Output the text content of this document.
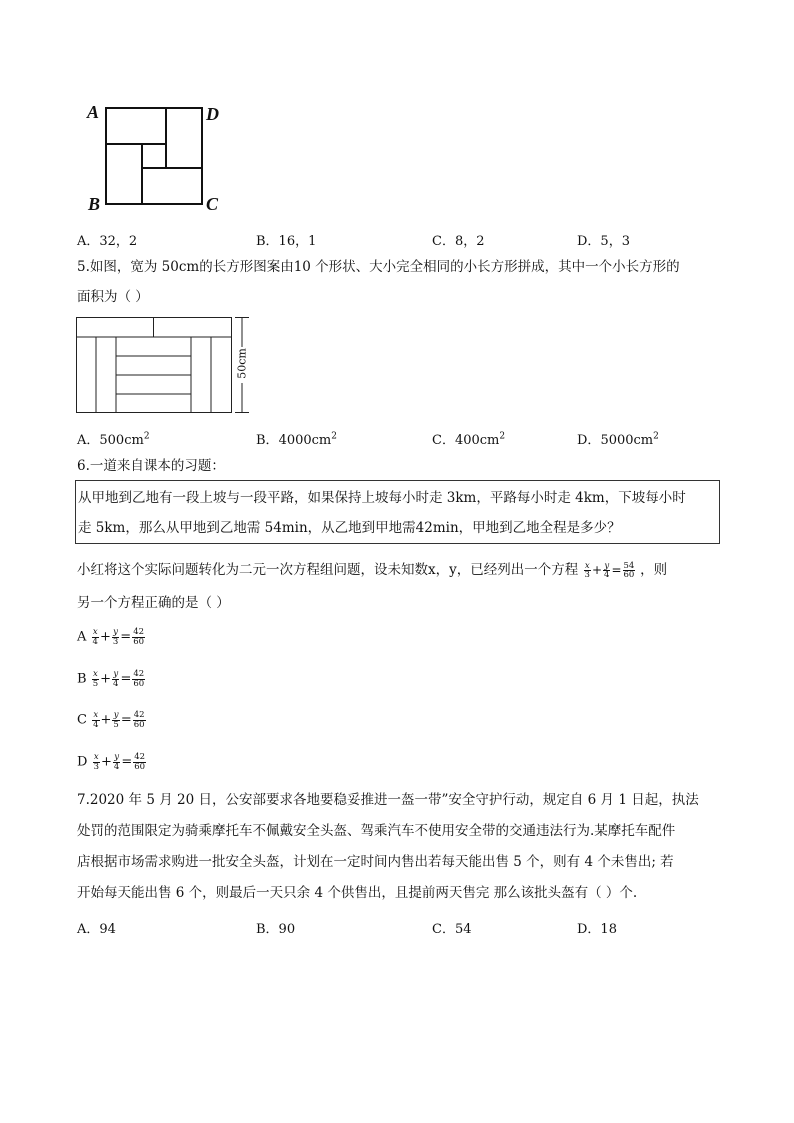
A	D
B	C
A．32，2	B．16，1	C．8，2	D．5，3
5.如图，宽为 50cm的长方形图案由10 个形状、大小完全相同的小长方形拼成，其中一个小长方形的
面积为（ ）
50cm
A．$500cm^2$	B．$4000cm^2$	C．$400cm^2$	D．$5000cm^2$
6.一道来自课本的习题：
从甲地到乙地有一段上坡与一段平路，如果保持上坡每小时走 3km，平路每小时走 4km，下坡每小时
走 5km，那么从甲地到乙地需 54min，从乙地到甲地需42min，甲地到乙地全程是多少？
小红将这个实际问题转化为二元一次方程组问题，设未知数x，y，已经列出一个方程 $\frac{x}{3} + \frac{y}{4} = \frac{54}{60}$ ，则
另一个方程正确的是（ ）
A $\frac{x}{4} + \frac{y}{3} = \frac{42}{60}$
B $\frac{x}{5} + \frac{y}{4} = \frac{42}{60}$
C $\frac{x}{4} + \frac{y}{5} = \frac{42}{60}$
D $\frac{x}{3} + \frac{y}{4} = \frac{42}{60}$
7.2020 年 5 月 20 日，公安部要求各地要稳妥推进一盔一带”安全守护行动，规定自 6 月 1 日起，执法
处罚的范围限定为骑乘摩托车不佩戴安全头盔、驾乘汽车不使用安全带的交通违法行为.某摩托车配件
店根据市场需求购进一批安全头盔，计划在一定时间内售出若每天能出售 5 个，则有 4 个未售出; 若
开始每天能出售 6 个，则最后一天只余 4 个供售出，且提前两天售完 那么该批头盔有（ ）个.
A．94	B．90	C．54	D．18
